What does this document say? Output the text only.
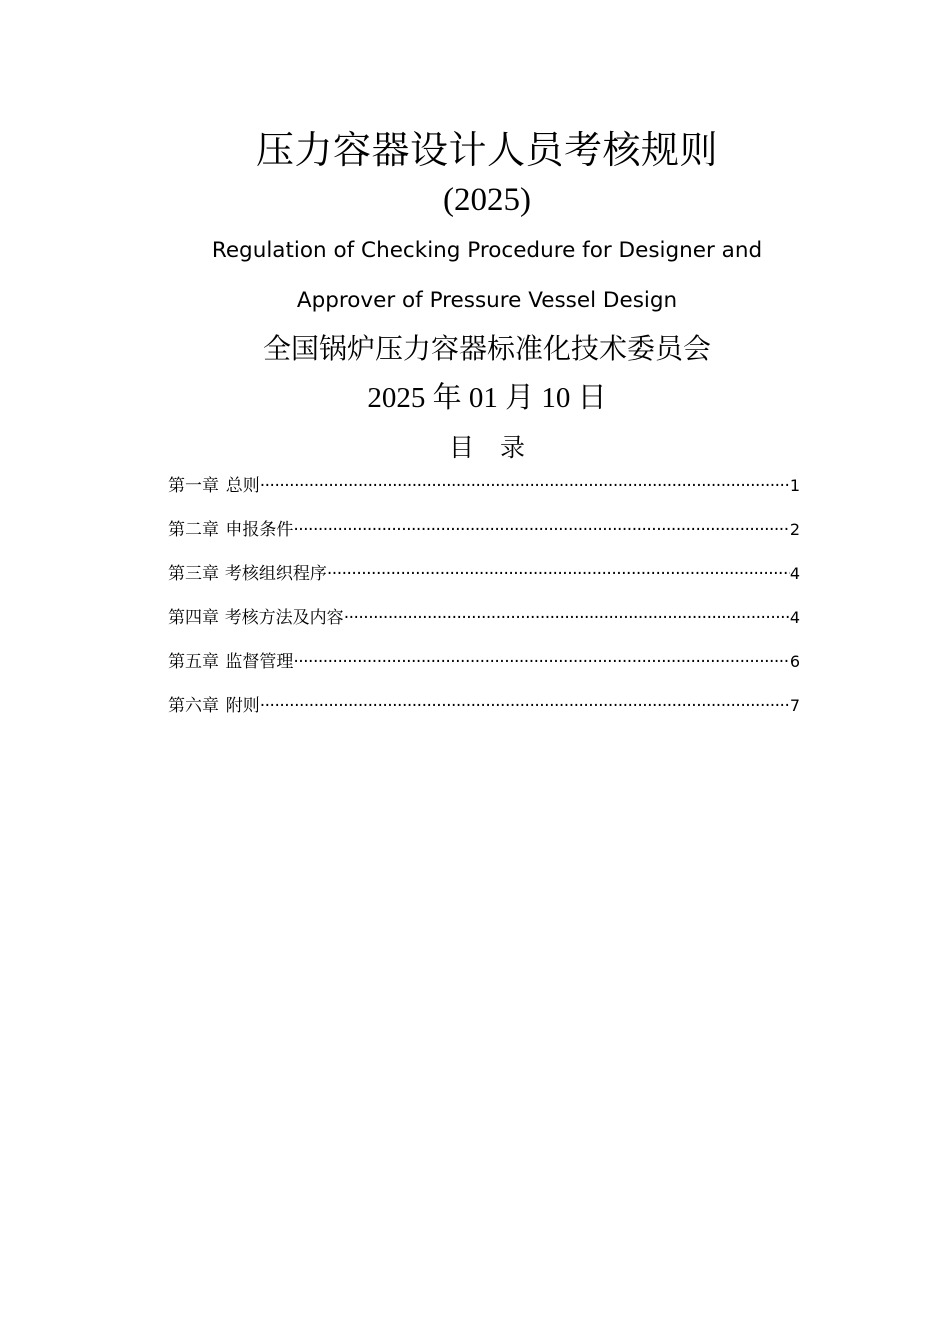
压力容器设计人员考核规则
(2025)
Regulation of Checking Procedure for Designer and
Approver of Pressure Vessel Design
全国锅炉压力容器标准化技术委员会
2025 年 01 月 10 日
目录
第一章 总则 ·····	1
第二章 申报条件 ·····	2
第三章 考核组织程序 ·····	4
第四章 考核方法及内容 ·····	4
第五章 监督管理 ·····	6
第六章 附则 ·····	7
